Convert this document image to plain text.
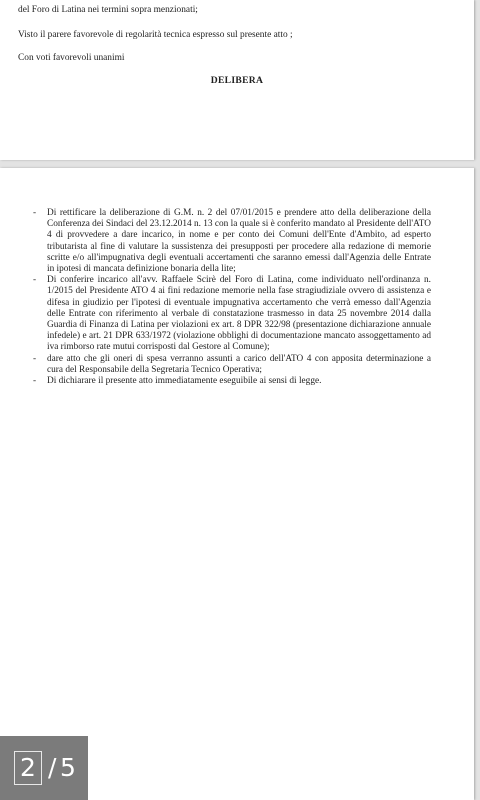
del Foro di Latina nei termini sopra menzionati;
Visto il parere favorevole di regolarità tecnica espresso sul presente atto ;
Con voti favorevoli unanimi
DELIBERA
- Di rettificare la deliberazione di G.M. n. 2 del 07/01/2015 e prendere atto della deliberazione della Conferenza dei Sindaci del 23.12.2014 n. 13 con la quale si è conferito mandato al Presidente dell'ATO 4 di provvedere a dare incarico, in nome e per conto dei Comuni dell'Ente d'Ambito, ad esperto tributarista al fine di valutare la sussistenza dei presupposti per procedere alla redazione di memorie scritte e/o all'impugnativa degli eventuali accertamenti che saranno emessi dall'Agenzia delle Entrate in ipotesi di mancata definizione bonaria della lite;
- Di conferire incarico all'avv. Raffaele Scirè del Foro di Latina, come individuato nell'ordinanza n. 1/2015 del Presidente ATO 4 ai fini redazione memorie nella fase stragiudiziale ovvero di assistenza e difesa in giudizio per l'ipotesi di eventuale impugnativa accertamento che verrà emesso dall'Agenzia delle Entrate con riferimento al verbale di constatazione trasmesso in data 25 novembre 2014 dalla Guardia di Finanza di Latina per violazioni ex art. 8 DPR 322/98 (presentazione dichiarazione annuale infedele) e art. 21 DPR 633/1972 (violazione obblighi di documentazione mancato assoggettamento ad iva rimborso rate mutui corrisposti dal Gestore al Comune);
- dare atto che gli oneri di spesa verranno assunti a carico dell'ATO 4 con apposita determinazione a cura del Responsabile della Segretaria Tecnico Operativa;
- Di dichiarare il presente atto immediatamente eseguibile ai sensi di legge.
2 / 5
